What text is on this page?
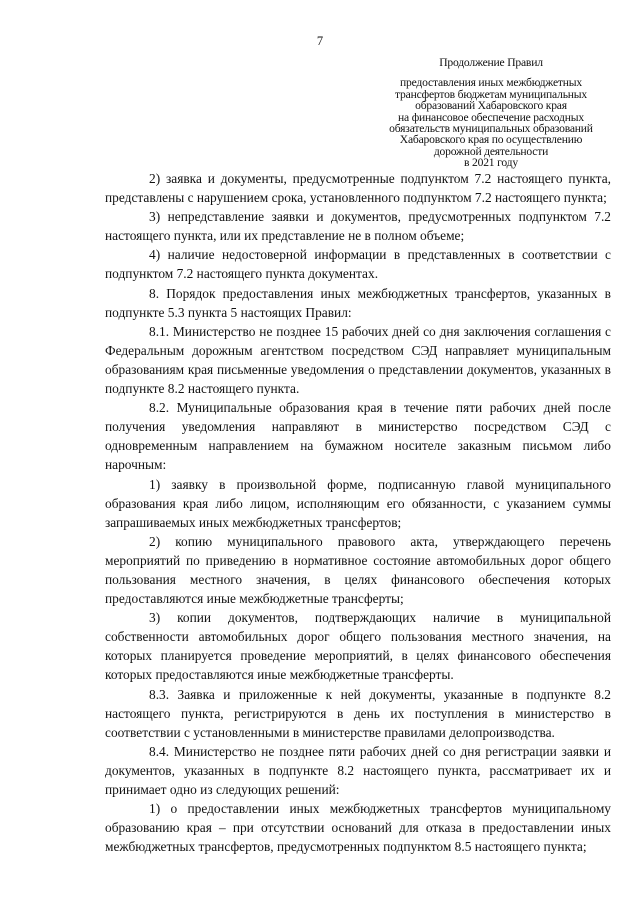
7
Продолжение Правил
предоставления иных межбюджетных
трансфертов бюджетам муниципальных
образований Хабаровского края
на финансовое обеспечение расходных
обязательств муниципальных образований
Хабаровского края по осуществлению
дорожной деятельности
в 2021 году

2) заявка и документы, предусмотренные подпунктом 7.2 настоящего пункта, представлены с нарушением срока, установленного подпунктом 7.2 настоящего пункта;

3) непредставление заявки и документов, предусмотренных подпунктом 7.2 настоящего пункта, или их представление не в полном объеме;

4) наличие недостоверной информации в представленных в соответствии с подпунктом 7.2 настоящего пункта документах.

8. Порядок предоставления иных межбюджетных трансфертов, указанных в подпункте 5.3 пункта 5 настоящих Правил:

8.1. Министерство не позднее 15 рабочих дней со дня заключения соглашения с Федеральным дорожным агентством посредством СЭД направляет муниципальным образованиям края письменные уведомления о представлении документов, указанных в подпункте 8.2 настоящего пункта.

8.2. Муниципальные образования края в течение пяти рабочих дней после получения уведомления направляют в министерство посредством СЭД с одновременным направлением на бумажном носителе заказным письмом либо нарочным:

1) заявку в произвольной форме, подписанную главой муниципального образования края либо лицом, исполняющим его обязанности, с указанием суммы запрашиваемых иных межбюджетных трансфертов;

2) копию муниципального правового акта, утверждающего перечень мероприятий по приведению в нормативное состояние автомобильных дорог общего пользования местного значения, в целях финансового обеспечения которых предоставляются иные межбюджетные трансферты;

3) копии документов, подтверждающих наличие в муниципальной собственности автомобильных дорог общего пользования местного значения, на которых планируется проведение мероприятий, в целях финансового обеспечения которых предоставляются иные межбюджетные трансферты.

8.3. Заявка и приложенные к ней документы, указанные в подпункте 8.2 настоящего пункта, регистрируются в день их поступления в министерство в соответствии с установленными в министерстве правилами делопроизводства.

8.4. Министерство не позднее пяти рабочих дней со дня регистрации заявки и документов, указанных в подпункте 8.2 настоящего пункта, рассматривает их и принимает одно из следующих решений:

1) о предоставлении иных межбюджетных трансфертов муниципальному образованию края – при отсутствии оснований для отказа в предоставлении иных межбюджетных трансфертов, предусмотренных подпунктом 8.5 настоящего пункта;
